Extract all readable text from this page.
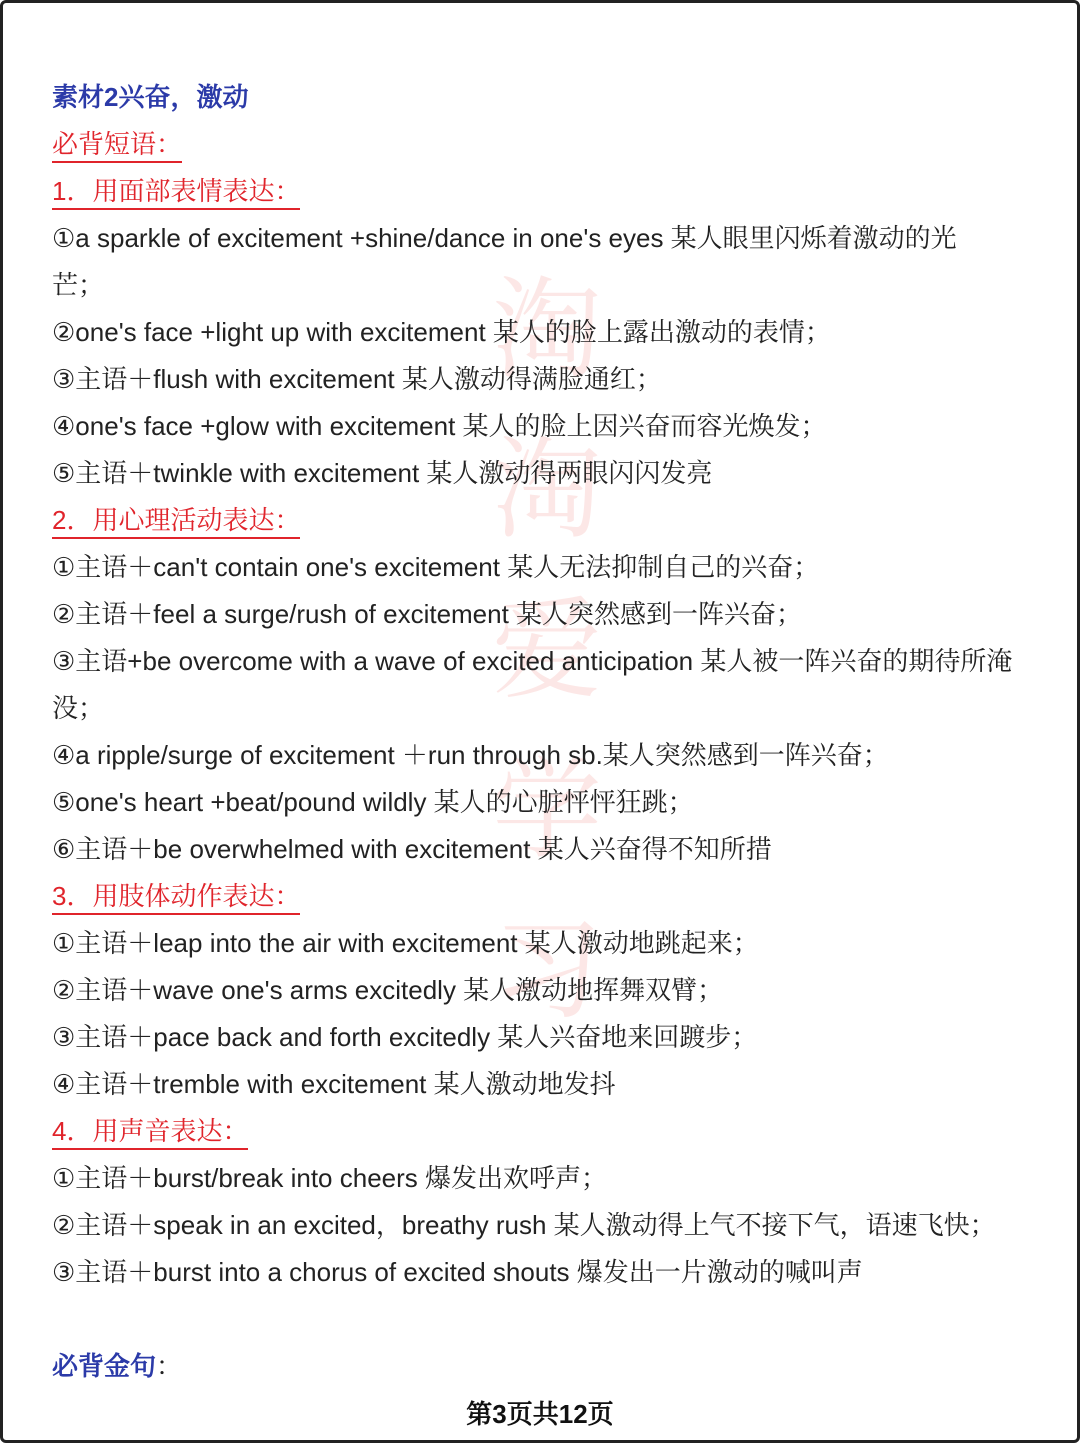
淘
淘
爱
学
习
素材2兴奋，激动
必背短语：
1．用面部表情表达：
①a sparkle of excitement +shine/dance in one's eyes 某人眼里闪烁着激动的光芒；
②one's face +light up with excitement 某人的脸上露出激动的表情；
③主语＋flush with excitement 某人激动得满脸通红；
④one's face +glow with excitement 某人的脸上因兴奋而容光焕发；
⑤主语＋twinkle with excitement 某人激动得两眼闪闪发亮
2．用心理活动表达：
①主语＋can't contain one's excitement 某人无法抑制自己的兴奋；
②主语＋feel a surge/rush of excitement 某人突然感到一阵兴奋；
③主语+be overcome with a wave of excited anticipation 某人被一阵兴奋的期待所淹没；
④a ripple/surge of excitement ＋run through sb.某人突然感到一阵兴奋；
⑤one's heart +beat/pound wildly 某人的心脏怦怦狂跳；
⑥主语＋be overwhelmed with excitement 某人兴奋得不知所措
3．用肢体动作表达：
①主语＋leap into the air with excitement 某人激动地跳起来；
②主语＋wave one's arms excitedly 某人激动地挥舞双臂；
③主语＋pace back and forth excitedly 某人兴奋地来回踱步；
④主语＋tremble with excitement 某人激动地发抖
4．用声音表达：
①主语＋burst/break into cheers 爆发出欢呼声；
②主语＋speak in an excited，breathy rush 某人激动得上气不接下气，语速飞快；
③主语＋burst into a chorus of excited shouts 爆发出一片激动的喊叫声
必背金句：
第3页共12页
